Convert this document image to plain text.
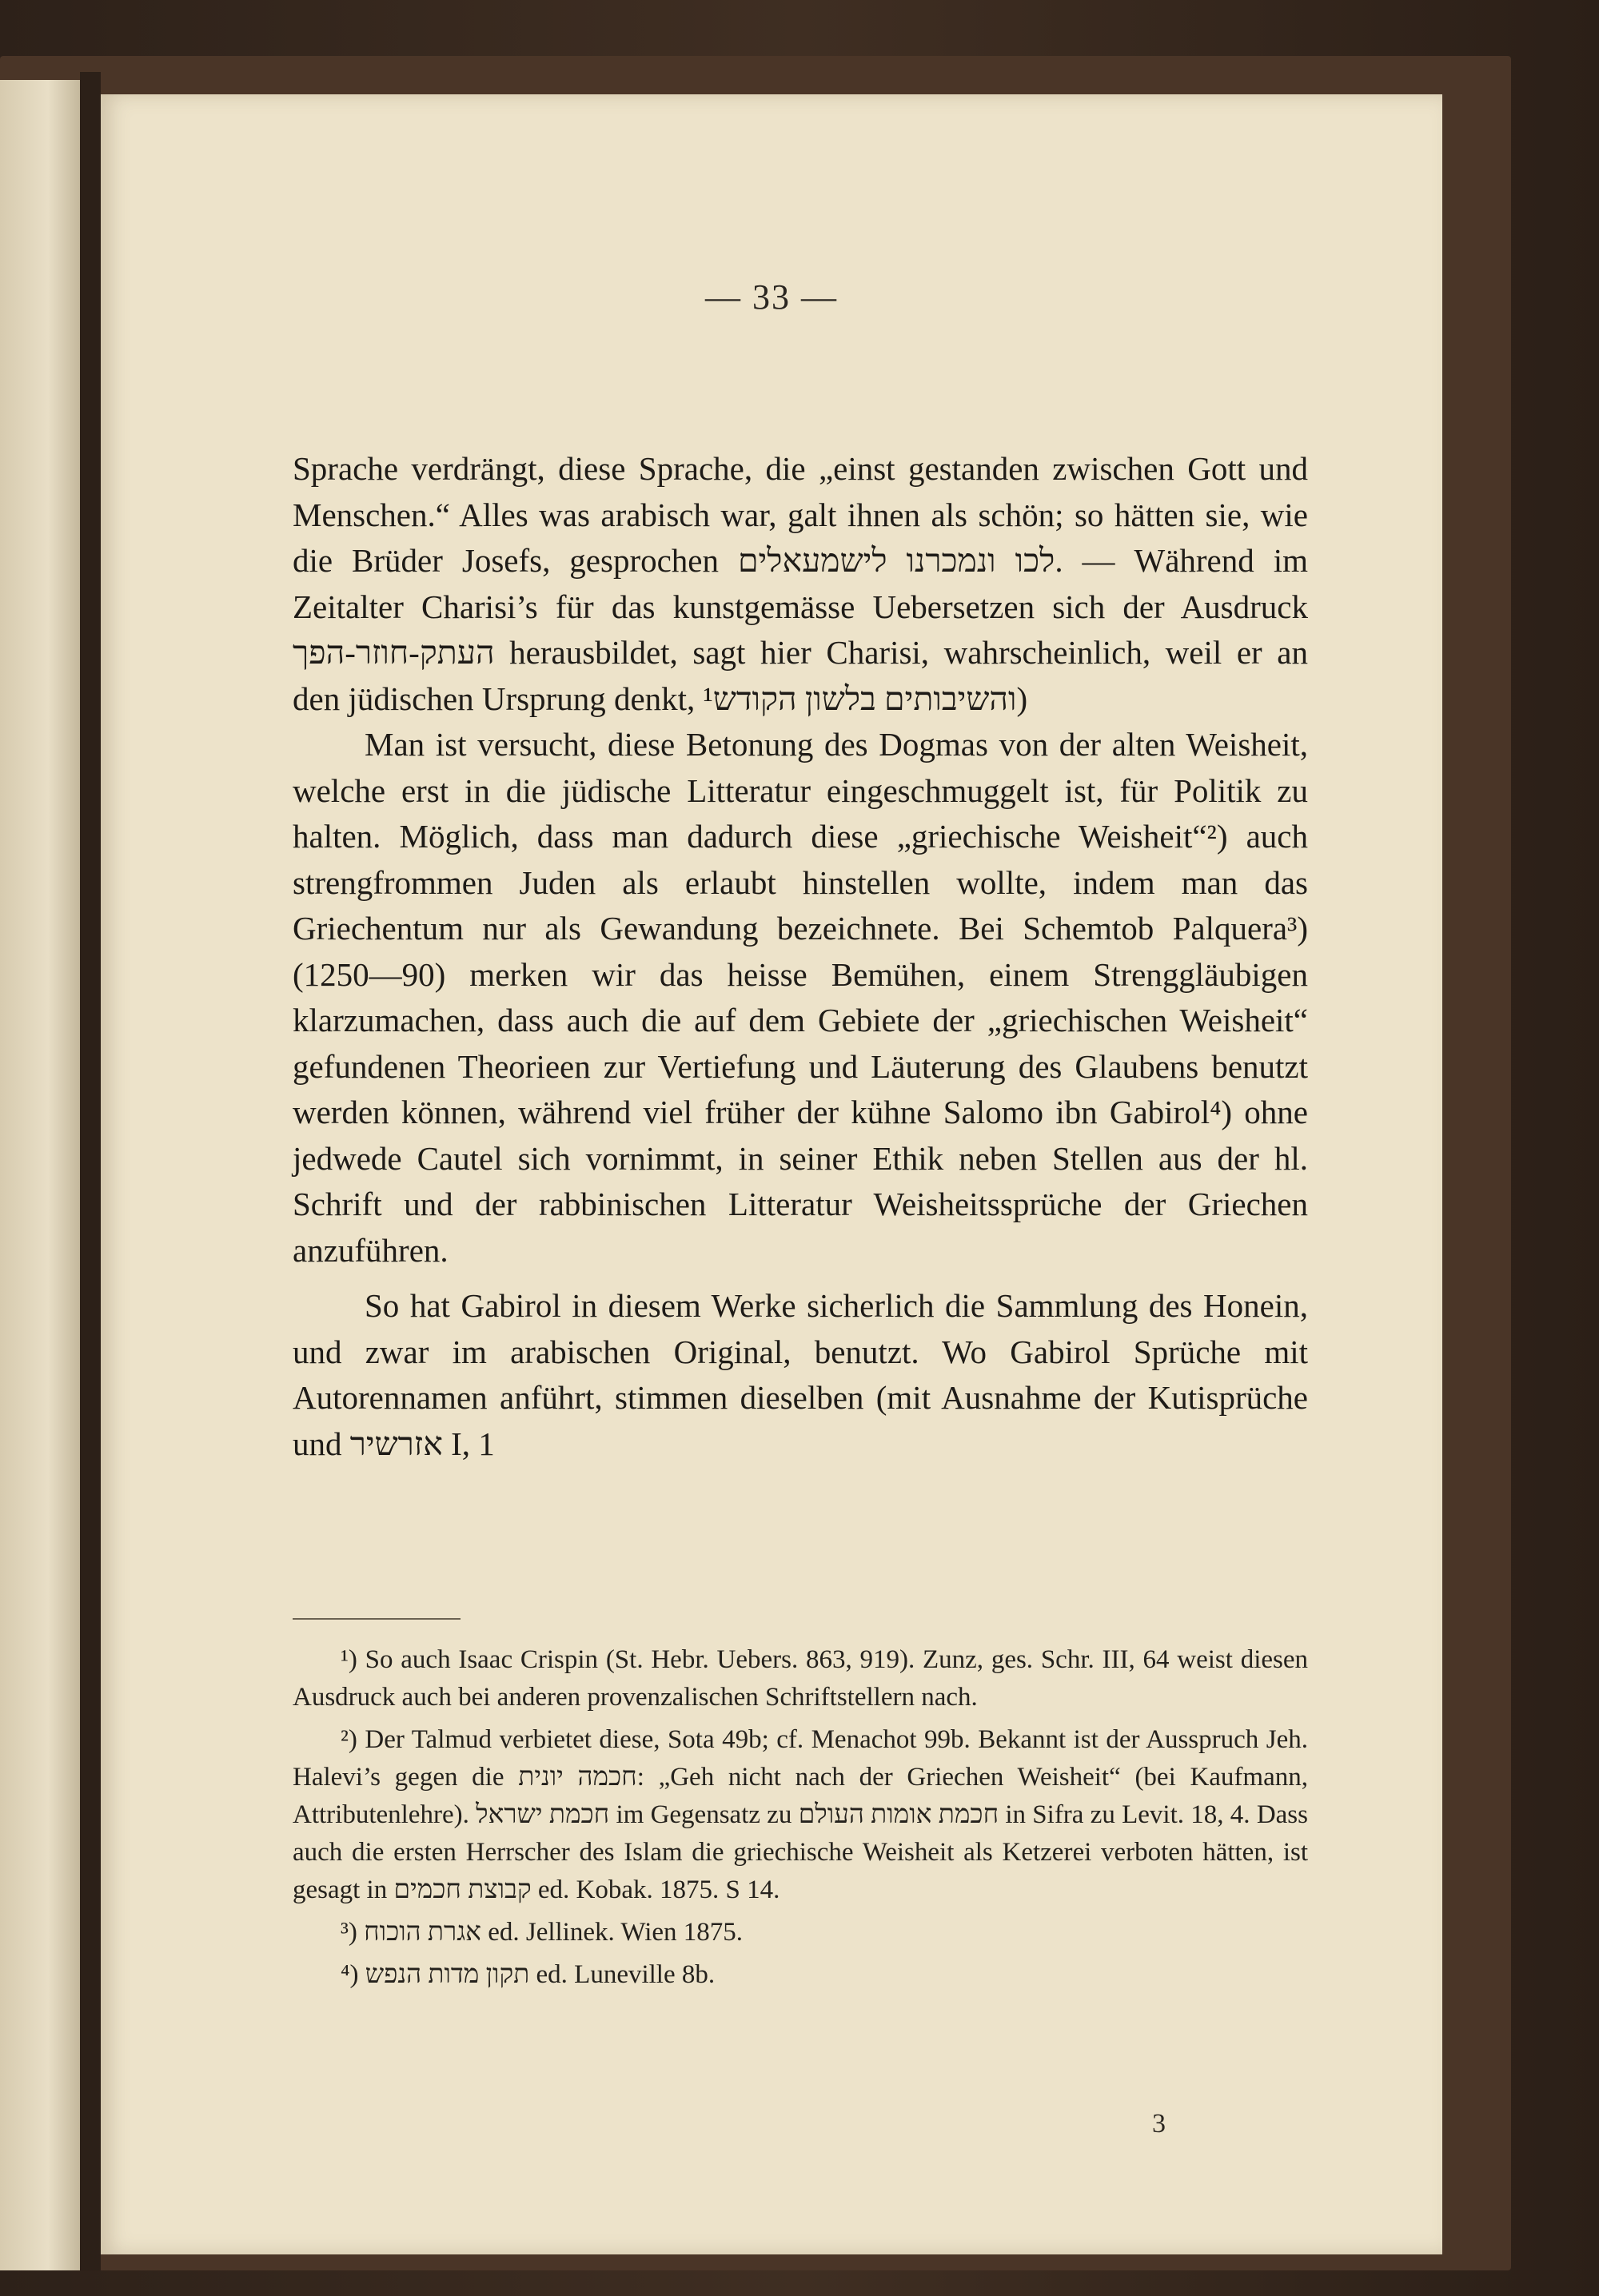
— 33 —

Sprache verdrängt, diese Sprache, die „einst gestanden zwischen Gott und Menschen.“ Alles was arabisch war, galt ihnen als schön; so hätten sie, wie die Brüder Josefs, gesprochen לכו ונמכרנו לישמעאלים. — Während im Zeitalter Charisi’s für das kunstgemässe Uebersetzen sich der Ausdruck העתק-חוזר-הפך herausbildet, sagt hier Charisi, wahrscheinlich, weil er an den jüdischen Ursprung denkt, והשיבותים בלשון הקודש¹)

Man ist versucht, diese Betonung des Dogmas von der alten Weisheit, welche erst in die jüdische Litteratur eingeschmuggelt ist, für Politik zu halten. Möglich, dass man dadurch diese „griechische Weisheit“²) auch strengfrommen Juden als erlaubt hinstellen wollte, indem man das Griechentum nur als Gewandung bezeichnete. Bei Schemtob Palquera³) (1250—90) merken wir das heisse Bemühen, einem Strenggläubigen klarzumachen, dass auch die auf dem Gebiete der „griechischen Weisheit“ gefundenen Theorieen zur Vertiefung und Läuterung des Glaubens benutzt werden können, während viel früher der kühne Salomo ibn Gabirol⁴) ohne jedwede Cautel sich vornimmt, in seiner Ethik neben Stellen aus der hl. Schrift und der rabbinischen Litteratur Weisheitssprüche der Griechen anzuführen.

So hat Gabirol in diesem Werke sicherlich die Sammlung des Honein, und zwar im arabischen Original, benutzt. Wo Gabirol Sprüche mit Autorennamen anführt, stimmen dieselben (mit Ausnahme der Kutisprüche und אזרשיר I, 1

¹) So auch Isaac Crispin (St. Hebr. Uebers. 863, 919). Zunz, ges. Schr. III, 64 weist diesen Ausdruck auch bei anderen provenzalischen Schriftstellern nach.

²) Der Talmud verbietet diese, Sota 49b; cf. Menachot 99b. Bekannt ist der Ausspruch Jeh. Halevi’s gegen die חכמה יונית: „Geh nicht nach der Griechen Weisheit“ (bei Kaufmann, Attributenlehre). חכמת ישראל im Gegensatz zu חכמת אומות העולם in Sifra zu Levit. 18, 4. Dass auch die ersten Herrscher des Islam die griechische Weisheit als Ketzerei verboten hätten, ist gesagt in קבוצת חכמים ed. Kobak. 1875. S 14.

³) אגרת הוכוח ed. Jellinek. Wien 1875.

⁴) תקון מדות הנפש ed. Luneville 8b.

3
